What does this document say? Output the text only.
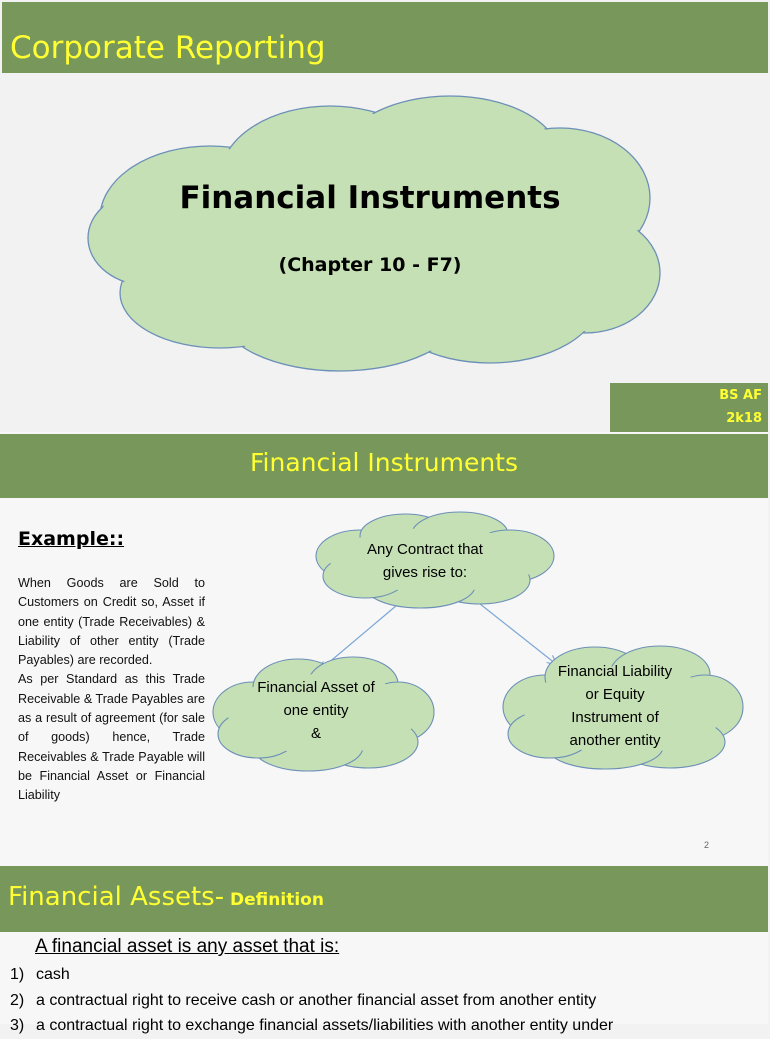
Corporate Reporting
Financial Instruments
(Chapter 10 - F7)
BS AF
2k18
Financial Instruments
Example::

When Goods are Sold to Customers on Credit so, Asset if one entity (Trade Receivables) & Liability of other entity (Trade Payables) are recorded.

As per Standard as this Trade Receivable & Trade Payables are as a result of agreement (for sale of goods) hence, Trade Receivables & Trade Payable will be Financial Asset or Financial Liability

Any Contract that
gives rise to:
Financial Asset of
one entity
&
Financial Liability
or Equity
Instrument of
another entity
2
Financial Assets- Definition
A financial asset is any asset that is:
1) cash
2) a contractual right to receive cash or another financial asset from another entity
3) a contractual right to exchange financial assets/liabilities with another entity under
